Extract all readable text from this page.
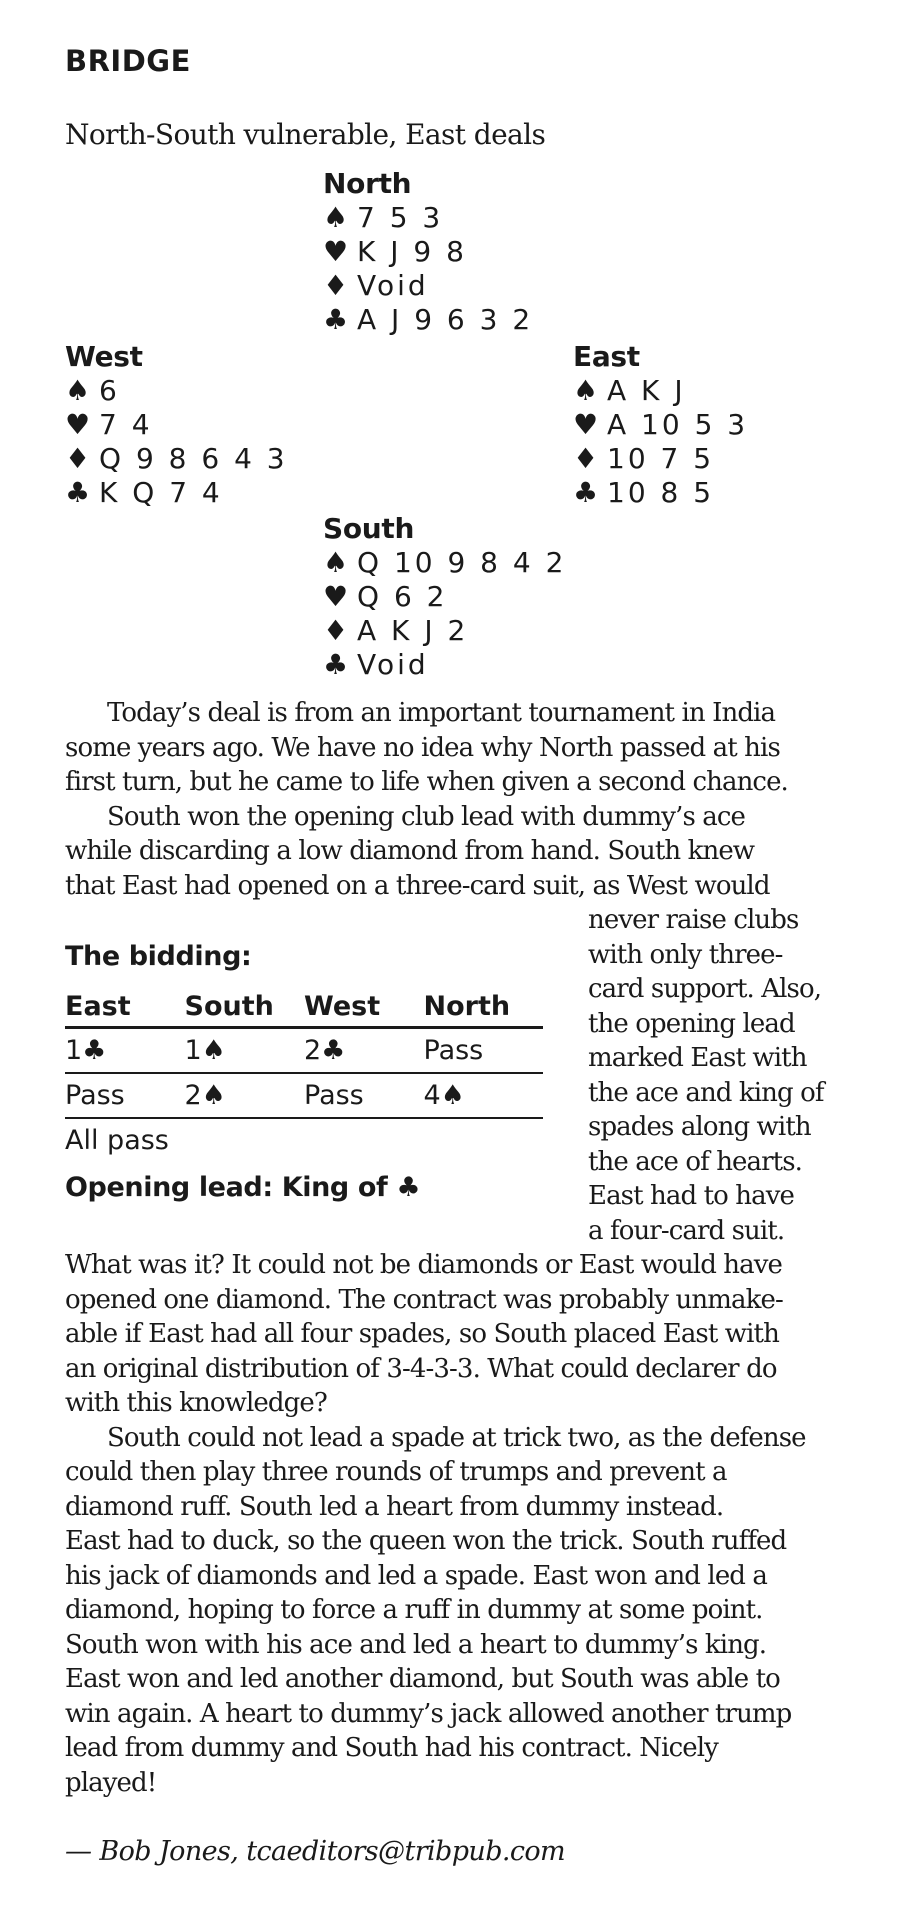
BRIDGE
North-South vulnerable, East deals
North
♠ 7 5 3
♥ K J 9 8
♦ Void
♣ A J 9 6 3 2
West
♠ 6
♥ 7 4
♦ Q 9 8 6 4 3
♣ K Q 7 4
East
♠ A K J
♥ A 10 5 3
♦ 10 7 5
♣ 10 8 5
South
♠ Q 10 9 8 4 2
♥ Q 6 2
♦ A K J 2
♣ Void
Today’s deal is from an important tournament in India
some years ago. We have no idea why North passed at his
first turn, but he came to life when given a second chance.
South won the opening club lead with dummy’s ace
while discarding a low diamond from hand. South knew
that East had opened on a three-card suit, as West would
never raise clubs
with only three-
card support. Also,
the opening lead
marked East with
the ace and king of
spades along with
the ace of hearts.
East had to have
a four-card suit.
The bidding:
East	South	West	North
1♣	1♠	2♣	Pass
Pass	2♠	Pass	4♠
All pass			
Opening lead: King of ♣
What was it? It could not be diamonds or East would have
opened one diamond. The contract was probably unmake-
able if East had all four spades, so South placed East with
an original distribution of 3-4-3-3. What could declarer do
with this knowledge?
South could not lead a spade at trick two, as the defense
could then play three rounds of trumps and prevent a
diamond ruff. South led a heart from dummy instead.
East had to duck, so the queen won the trick. South ruffed
his jack of diamonds and led a spade. East won and led a
diamond, hoping to force a ruff in dummy at some point.
South won with his ace and led a heart to dummy’s king.
East won and led another diamond, but South was able to
win again. A heart to dummy’s jack allowed another trump
lead from dummy and South had his contract. Nicely
played!
— Bob Jones, tcaeditors@tribpub.com
